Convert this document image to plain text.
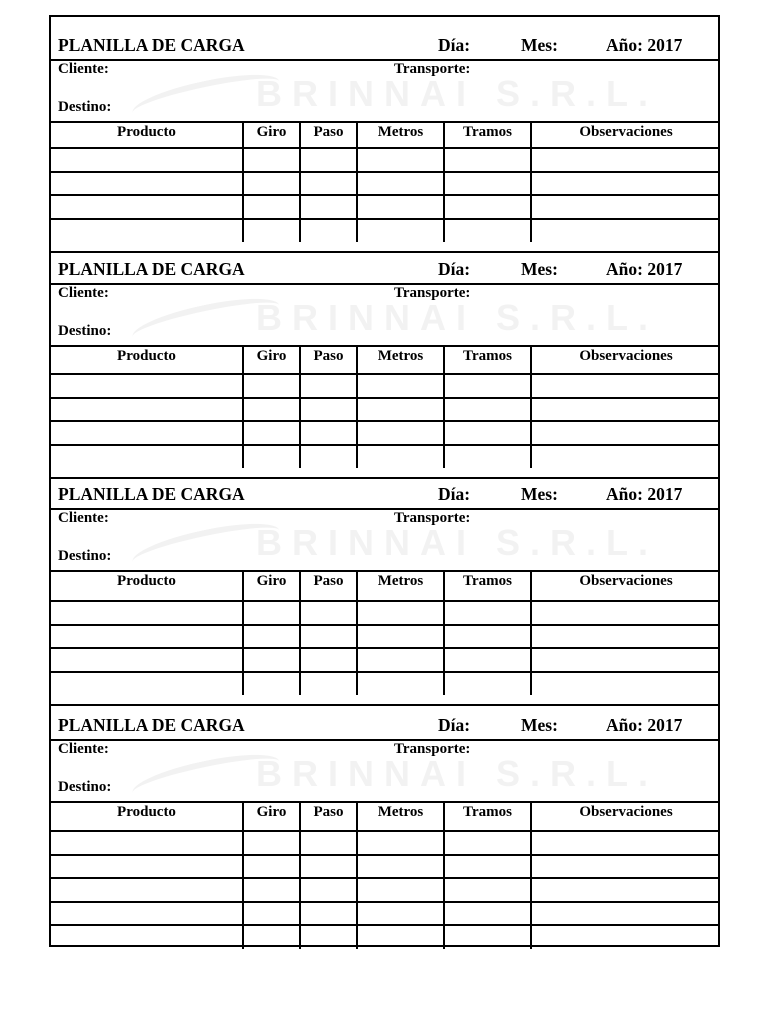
PLANILLA DE CARGA	Día:	Mes:	Año: 2017
BRINNAI S.R.L.
Cliente:	Transporte:
Destino:
Producto	Giro	Paso	Metros	Tramos	Observaciones

PLANILLA DE CARGA	Día:	Mes:	Año: 2017
BRINNAI S.R.L.
Cliente:	Transporte:
Destino:
Producto	Giro	Paso	Metros	Tramos	Observaciones

PLANILLA DE CARGA	Día:	Mes:	Año: 2017
BRINNAI S.R.L.
Cliente:	Transporte:
Destino:
Producto	Giro	Paso	Metros	Tramos	Observaciones

PLANILLA DE CARGA	Día:	Mes:	Año: 2017
BRINNAI S.R.L.
Cliente:	Transporte:
Destino:
Producto	Giro	Paso	Metros	Tramos	Observaciones
